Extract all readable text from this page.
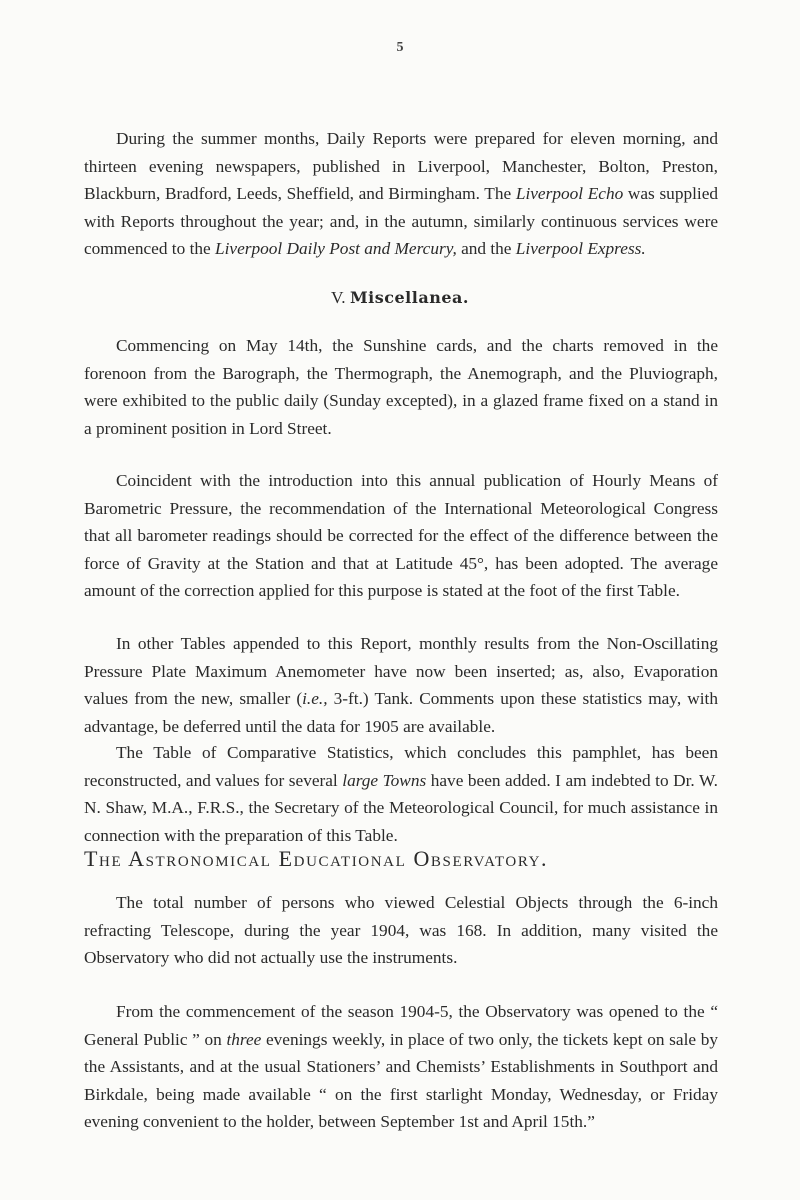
5

During the summer months, Daily Reports were prepared for eleven morning, and thirteen evening newspapers, published in Liverpool, Manchester, Bolton, Preston, Blackburn, Bradford, Leeds, Sheffield, and Birmingham. The Liverpool Echo was supplied with Reports throughout the year; and, in the autumn, similarly continuous services were commenced to the Liverpool Daily Post and Mercury, and the Liverpool Express.

V. Miscellanea.

Commencing on May 14th, the Sunshine cards, and the charts removed in the forenoon from the Barograph, the Thermograph, the Anemograph, and the Pluviograph, were exhibited to the public daily (Sunday excepted), in a glazed frame fixed on a stand in a prominent position in Lord Street.

Coincident with the introduction into this annual publication of Hourly Means of Barometric Pressure, the recommendation of the International Meteorological Congress that all barometer readings should be corrected for the effect of the difference between the force of Gravity at the Station and that at Latitude 45°, has been adopted. The average amount of the correction applied for this purpose is stated at the foot of the first Table.

In other Tables appended to this Report, monthly results from the Non-Oscillating Pressure Plate Maximum Anemometer have now been inserted; as, also, Evaporation values from the new, smaller (i.e., 3-ft.) Tank. Comments upon these statistics may, with advantage, be deferred until the data for 1905 are available.

The Table of Comparative Statistics, which concludes this pamphlet, has been reconstructed, and values for several large Towns have been added. I am indebted to Dr. W. N. Shaw, M.A., F.R.S., the Secretary of the Meteorological Council, for much assistance in connection with the preparation of this Table.

The Astronomical Educational Observatory.

The total number of persons who viewed Celestial Objects through the 6-inch refracting Telescope, during the year 1904, was 168. In addition, many visited the Observatory who did not actually use the instruments.

From the commencement of the season 1904-5, the Observatory was opened to the “ General Public ” on three evenings weekly, in place of two only, the tickets kept on sale by the Assistants, and at the usual Stationers’ and Chemists’ Establishments in Southport and Birkdale, being made available “ on the first starlight Monday, Wednesday, or Friday evening convenient to the holder, between September 1st and April 15th.”
